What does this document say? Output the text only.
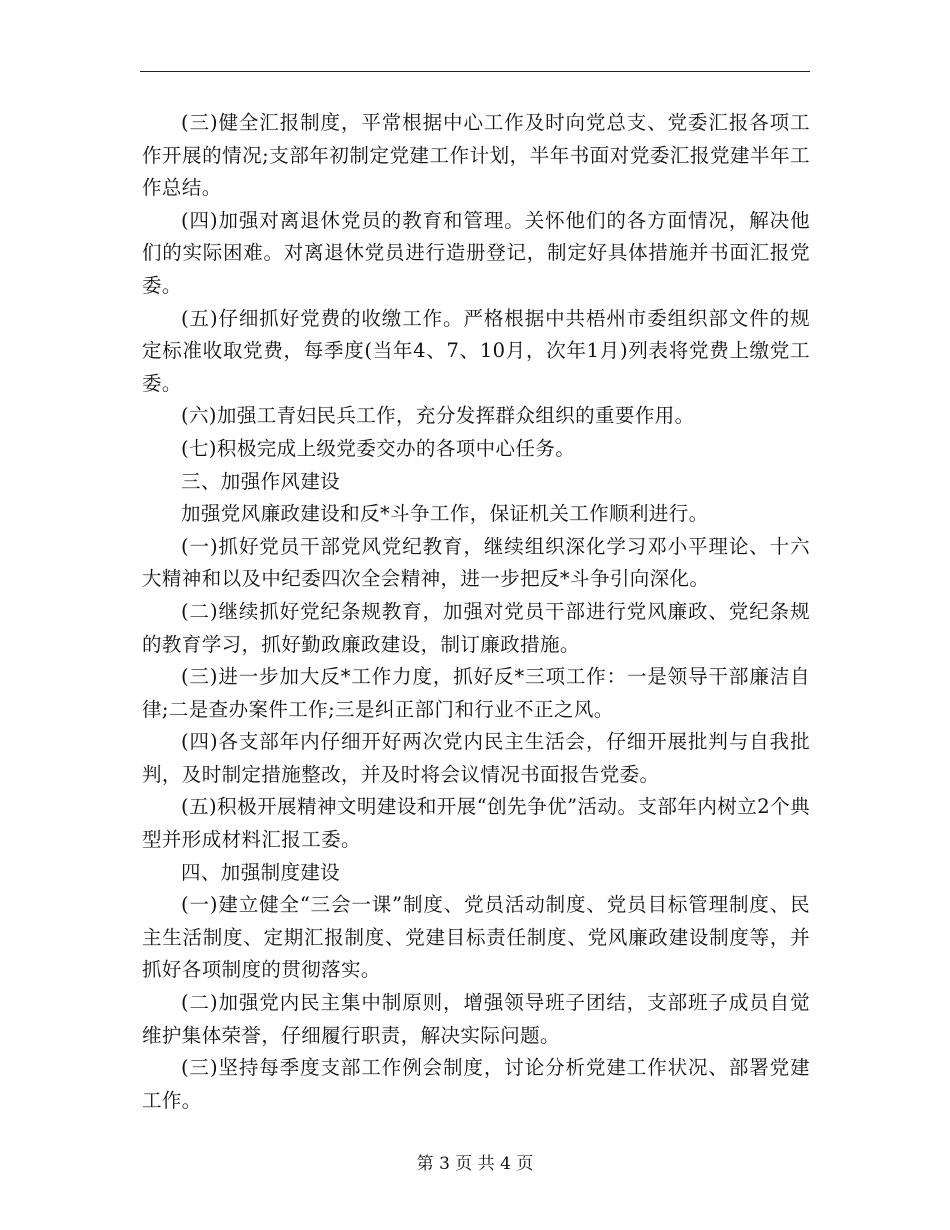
(三)健全汇报制度，平常根据中心工作及时向党总支、党委汇报各项工作开展的情况;支部年初制定党建工作计划，半年书面对党委汇报党建半年工作总结。

(四)加强对离退休党员的教育和管理。关怀他们的各方面情况，解决他们的实际困难。对离退休党员进行造册登记，制定好具体措施并书面汇报党委。

(五)仔细抓好党费的收缴工作。严格根据中共梧州市委组织部文件的规定标准收取党费，每季度(当年4、7、10月，次年1月)列表将党费上缴党工委。

(六)加强工青妇民兵工作，充分发挥群众组织的重要作用。

(七)积极完成上级党委交办的各项中心任务。

三、加强作风建设

加强党风廉政建设和反*斗争工作，保证机关工作顺利进行。

(一)抓好党员干部党风党纪教育，继续组织深化学习邓小平理论、十六大精神和以及中纪委四次全会精神，进一步把反*斗争引向深化。

(二)继续抓好党纪条规教育，加强对党员干部进行党风廉政、党纪条规的教育学习，抓好勤政廉政建设，制订廉政措施。

(三)进一步加大反*工作力度，抓好反*三项工作：一是领导干部廉洁自律;二是查办案件工作;三是纠正部门和行业不正之风。

(四)各支部年内仔细开好两次党内民主生活会，仔细开展批判与自我批判，及时制定措施整改，并及时将会议情况书面报告党委。

(五)积极开展精神文明建设和开展“创先争优”活动。支部年内树立2个典型并形成材料汇报工委。

四、加强制度建设

(一)建立健全“三会一课”制度、党员活动制度、党员目标管理制度、民主生活制度、定期汇报制度、党建目标责任制度、党风廉政建设制度等，并抓好各项制度的贯彻落实。

(二)加强党内民主集中制原则，增强领导班子团结，支部班子成员自觉维护集体荣誉，仔细履行职责，解决实际问题。

(三)坚持每季度支部工作例会制度，讨论分析党建工作状况、部署党建工作。

第 3 页 共 4 页
